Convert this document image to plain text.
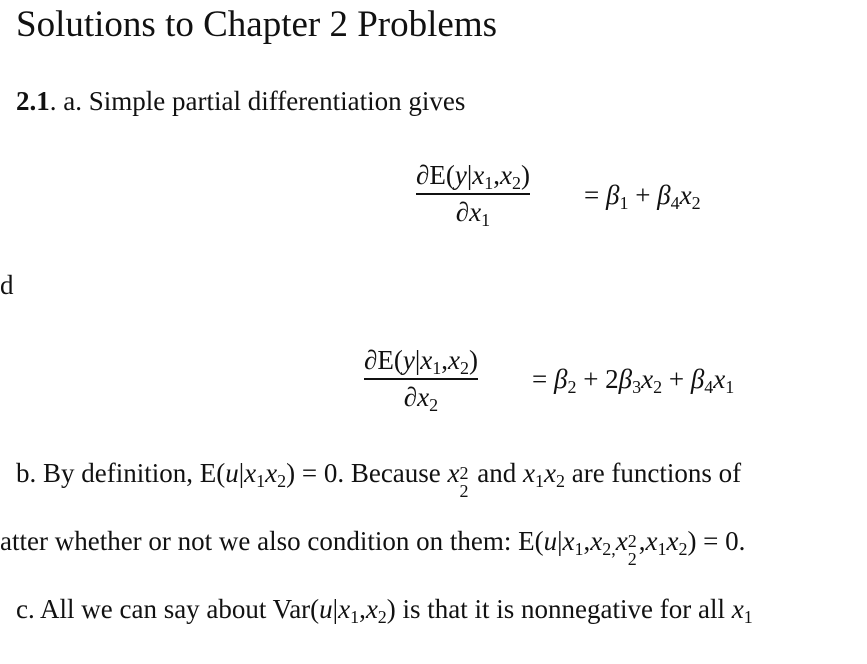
Solutions to Chapter 2 Problems
2.1. a. Simple partial differentiation gives
$\partial E(y|x_1,x_2)$
$\partial x_1$
= $\beta_1 + \beta_4x_2$
d
$\partial E(y|x_1,x_2)$
$\partial x_2$
= $\beta_2 + 2\beta_3x_2 + \beta_4x_1$
b. By definition, $E(u|x_1x_2) = 0$. Because x 2
2
and $x_1x_2$ are functions of
atter whether or not we also condition on them: $E(u|x_1,x_{2,}x$ 2
2
$,x_1x_2) = 0$.
c. All we can say about $Var(u|x_1,x_2)$ is that it is nonnegative for all $x_1$
